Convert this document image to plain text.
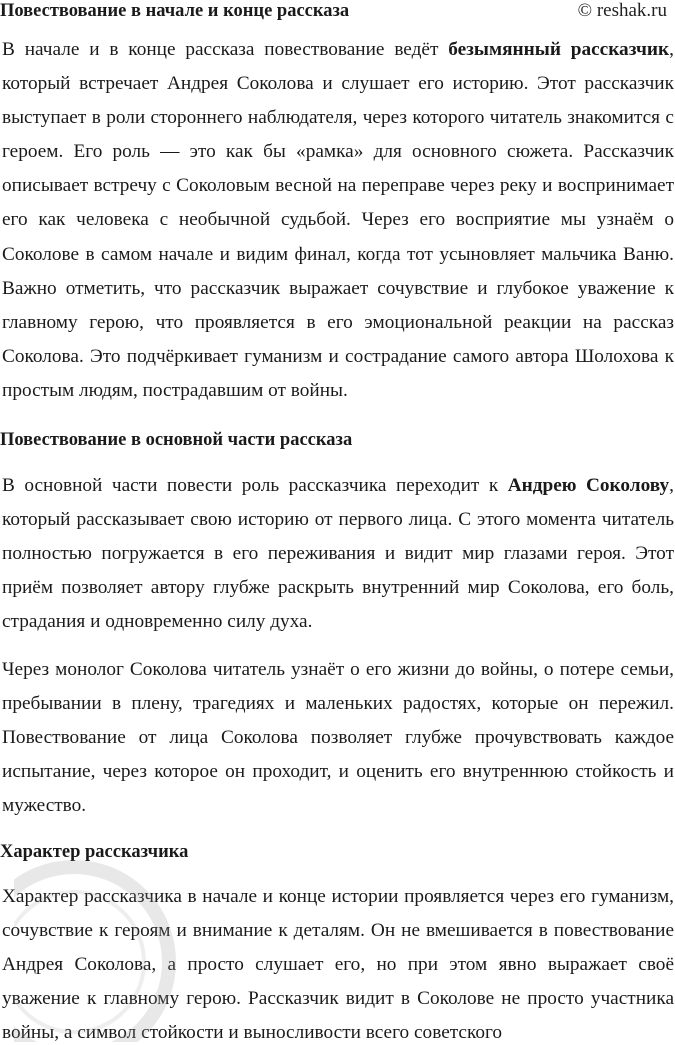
© reshak.ru
Повествование в начале и конце рассказа

В начале и в конце рассказа повествование ведёт безымянный рассказчик, который встречает Андрея Соколова и слушает его историю. Этот рассказчик выступает в роли стороннего наблюдателя, через которого читатель знакомится с героем. Его роль — это как бы «рамка» для основного сюжета. Рассказчик описывает встречу с Соколовым весной на переправе через реку и воспринимает его как человека с необычной судьбой. Через его восприятие мы узнаём о Соколове в самом начале и видим финал, когда тот усыновляет мальчика Ваню. Важно отметить, что рассказчик выражает сочувствие и глубокое уважение к главному герою, что проявляется в его эмоциональной реакции на рассказ Соколова. Это подчёркивает гуманизм и сострадание самого автора Шолохова к простым людям, пострадавшим от войны.

Повествование в основной части рассказа

В основной части повести роль рассказчика переходит к Андрею Соколову, который рассказывает свою историю от первого лица. С этого момента читатель полностью погружается в его переживания и видит мир глазами героя. Этот приём позволяет автору глубже раскрыть внутренний мир Соколова, его боль, страдания и одновременно силу духа.

Через монолог Соколова читатель узнаёт о его жизни до войны, о потере семьи, пребывании в плену, трагедиях и маленьких радостях, которые он пережил. Повествование от лица Соколова позволяет глубже прочувствовать каждое испытание, через которое он проходит, и оценить его внутреннюю стойкость и мужество.

Характер рассказчика

Характер рассказчика в начале и конце истории проявляется через его гуманизм, сочувствие к героям и внимание к деталям. Он не вмешивается в повествование Андрея Соколова, а просто слушает его, но при этом явно выражает своё уважение к главному герою. Рассказчик видит в Соколове не просто участника войны, а символ стойкости и выносливости всего советского
